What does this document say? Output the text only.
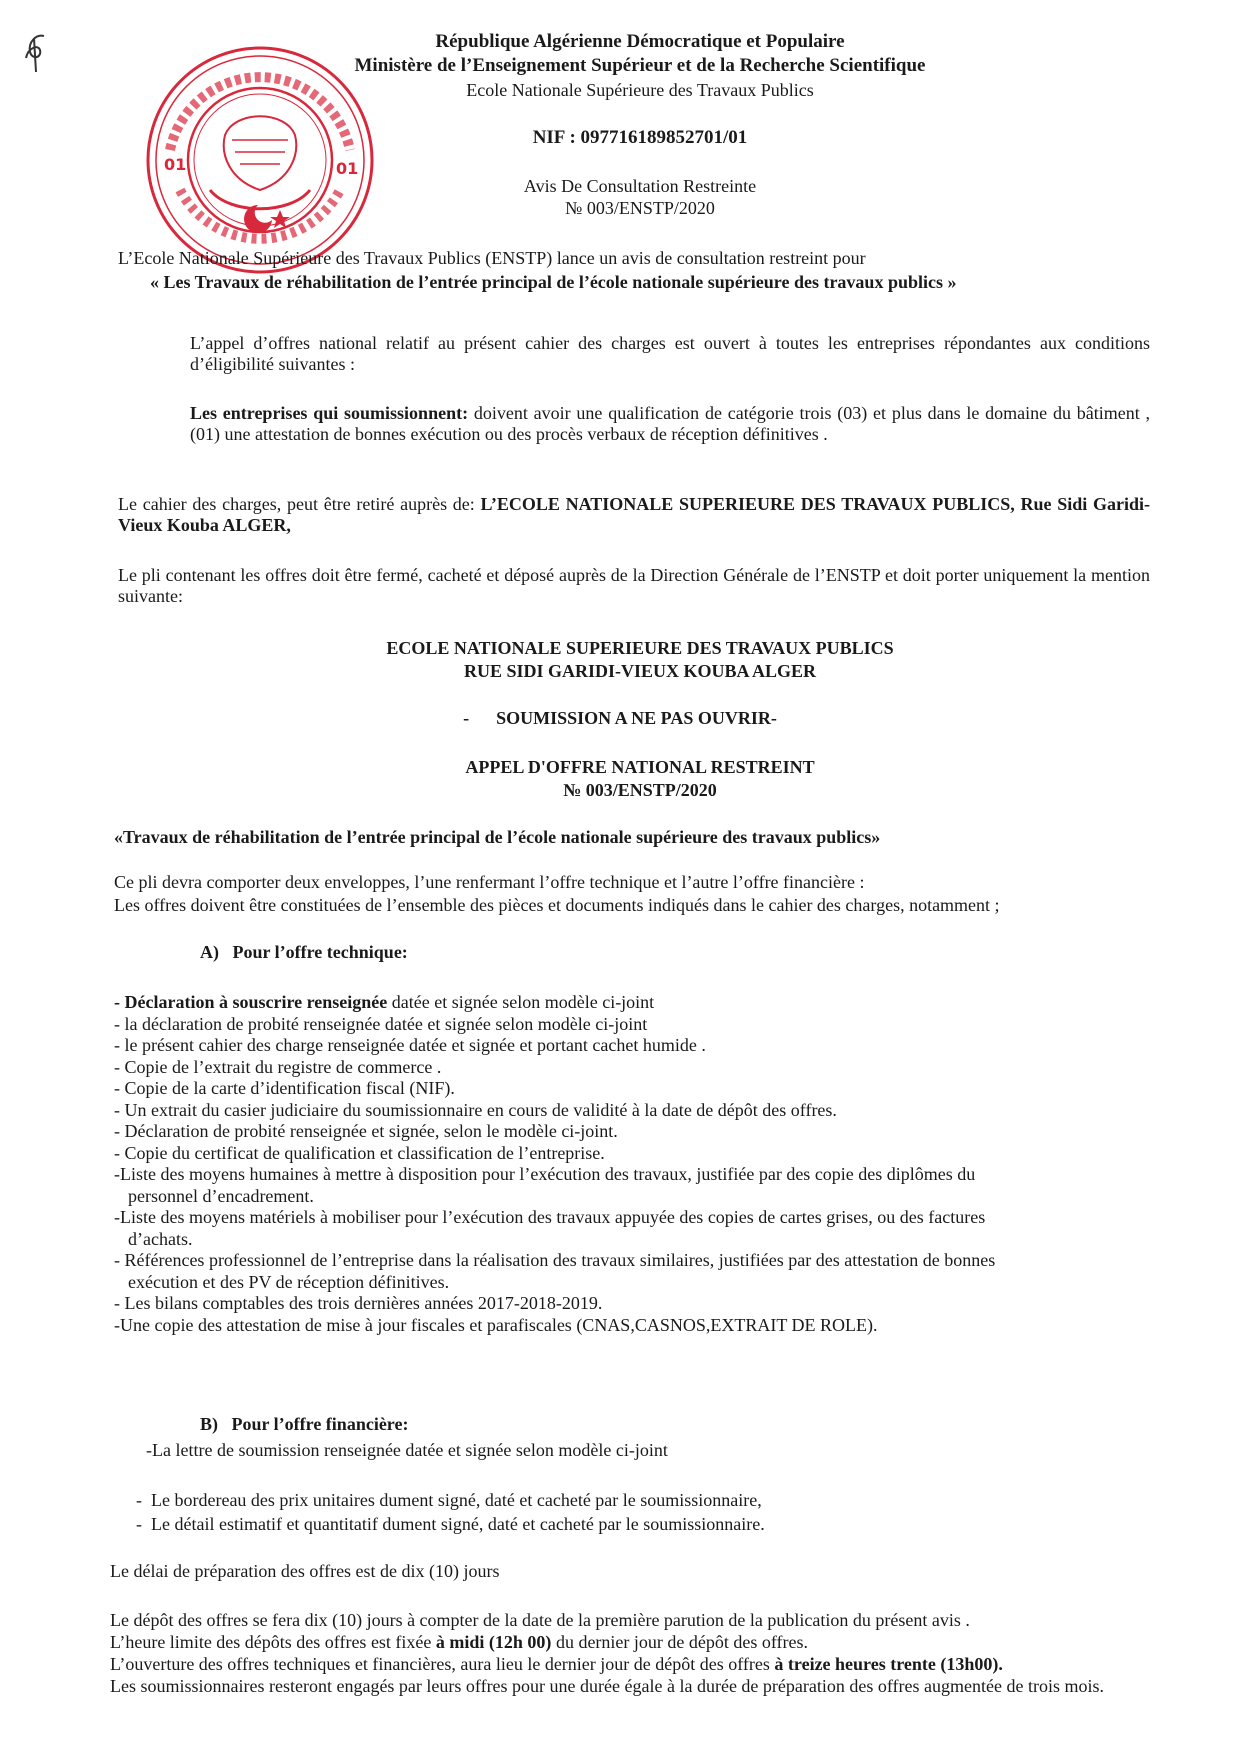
01	01
République Algérienne Démocratique et Populaire
Ministère de l’Enseignement Supérieur et de la Recherche Scientifique
Ecole Nationale Supérieure des Travaux Publics
NIF : 097716189852701/01
Avis De Consultation Restreinte
№ 003/ENSTP/2020
L’Ecole Nationale Supérieure des Travaux Publics (ENSTP) lance un avis de consultation restreint pour
« Les Travaux de réhabilitation de l’entrée principal de l’école nationale supérieure des travaux publics »
L’appel d’offres national relatif au présent cahier des charges est ouvert à toutes les entreprises répondantes aux conditions d’éligibilité suivantes :
Les entreprises qui soumissionnent: doivent avoir une qualification de catégorie trois (03) et plus dans le domaine du bâtiment , (01) une attestation de bonnes exécution ou des procès verbaux de réception définitives .
Le cahier des charges, peut être retiré auprès de: L’ECOLE NATIONALE SUPERIEURE DES TRAVAUX PUBLICS, Rue Sidi Garidi-Vieux Kouba ALGER,
Le pli contenant les offres doit être fermé, cacheté et déposé auprès de la Direction Générale de l’ENSTP et doit porter uniquement la mention suivante:
ECOLE NATIONALE SUPERIEURE DES TRAVAUX PUBLICS
RUE SIDI GARIDI-VIEUX KOUBA ALGER
-      SOUMISSION A NE PAS OUVRIR-
APPEL D'OFFRE NATIONAL RESTREINT
№ 003/ENSTP/2020
«Travaux de réhabilitation de l’entrée principal de l’école nationale supérieure des travaux publics»
Ce pli devra comporter deux enveloppes, l’une renfermant l’offre technique et l’autre l’offre financière :
Les offres doivent être constituées de l’ensemble des pièces et documents indiqués dans le cahier des charges, notamment ;
A)   Pour l’offre technique:
- Déclaration à souscrire renseignée datée et signée selon modèle ci-joint
- la déclaration de probité renseignée datée et signée selon modèle ci-joint
- le présent cahier des charge renseignée datée et signée et portant cachet humide .
- Copie de l’extrait du registre de commerce .
- Copie de la carte d’identification fiscal (NIF).
- Un extrait du casier judiciaire du soumissionnaire en cours de validité à la date de dépôt des offres.
- Déclaration de probité renseignée et signée, selon le modèle ci-joint.
- Copie du certificat de qualification et classification de l’entreprise.
-Liste des moyens humaines à mettre à disposition pour l’exécution des travaux, justifiée par des copie des diplômes du
personnel d’encadrement.
-Liste des moyens matériels à mobiliser pour l’exécution des travaux appuyée des copies de cartes grises, ou des factures
d’achats.
- Références professionnel de l’entreprise dans la réalisation des travaux similaires, justifiées par des attestation de bonnes
exécution et des PV de réception définitives.
- Les bilans comptables des trois dernières années 2017-2018-2019.
-Une copie des attestation de mise à jour fiscales et parafiscales (CNAS,CASNOS,EXTRAIT DE ROLE).
B)   Pour l’offre financière:
-La lettre de soumission renseignée datée et signée selon modèle ci-joint
-  Le bordereau des prix unitaires dument signé, daté et cacheté par le soumissionnaire,
-  Le détail estimatif et quantitatif dument signé, daté et cacheté par le soumissionnaire.
Le délai de préparation des offres est de dix (10) jours
Le dépôt des offres se fera dix (10) jours à compter de la date de la première parution de la publication du présent avis .
L’heure limite des dépôts des offres est fixée à midi (12h 00) du dernier jour de dépôt des offres.
L’ouverture des offres techniques et financières, aura lieu le dernier jour de dépôt des offres à treize heures trente (13h00).
Les soumissionnaires resteront engagés par leurs offres pour une durée égale à la durée de préparation des offres augmentée de trois mois.
